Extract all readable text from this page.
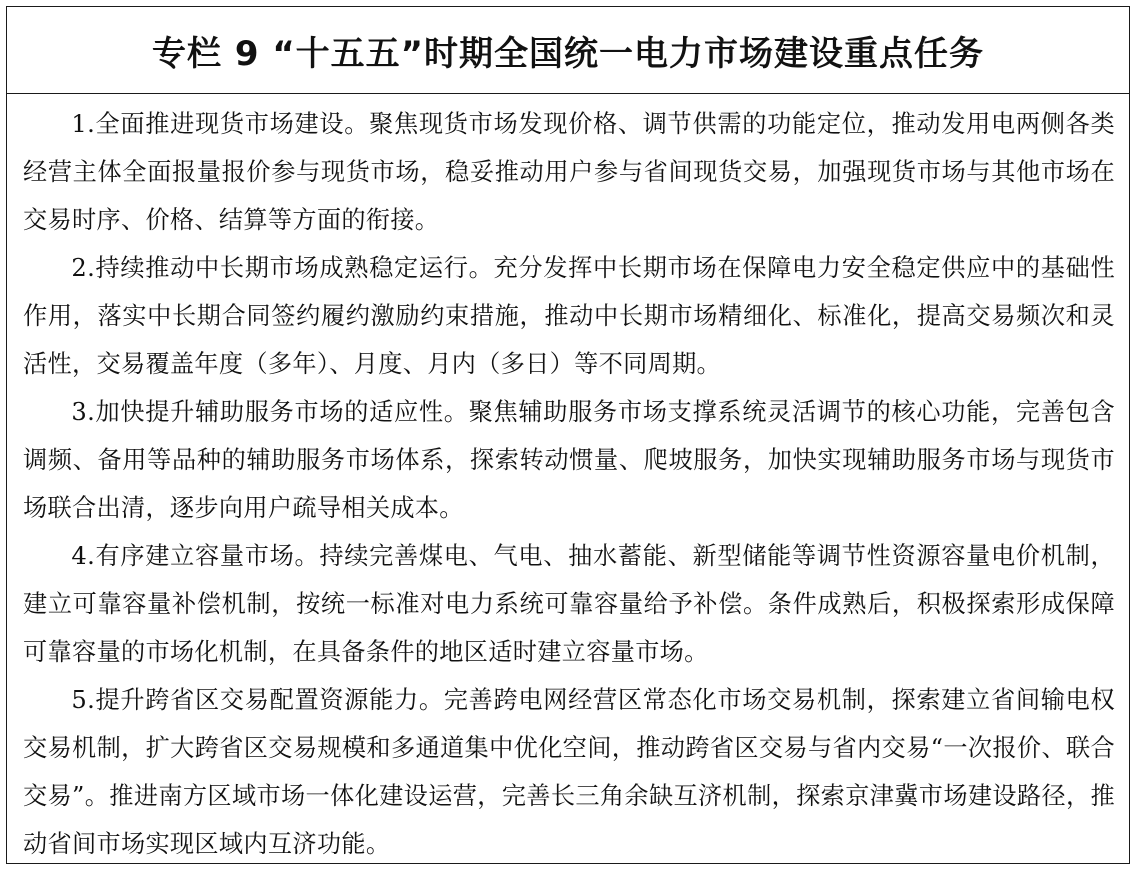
专栏 9 “十五五”时期全国统一电力市场建设重点任务

1.全面推进现货市场建设。聚焦现货市场发现价格、调节供需的功能定位，推动发用电两侧各类经营主体全面报量报价参与现货市场，稳妥推动用户参与省间现货交易，加强现货市场与其他市场在交易时序、价格、结算等方面的衔接。

2.持续推动中长期市场成熟稳定运行。充分发挥中长期市场在保障电力安全稳定供应中的基础性作用，落实中长期合同签约履约激励约束措施，推动中长期市场精细化、标准化，提高交易频次和灵活性，交易覆盖年度（多年）、月度、月内（多日）等不同周期。

3.加快提升辅助服务市场的适应性。聚焦辅助服务市场支撑系统灵活调节的核心功能，完善包含调频、备用等品种的辅助服务市场体系，探索转动惯量、爬坡服务，加快实现辅助服务市场与现货市场联合出清，逐步向用户疏导相关成本。

4.有序建立容量市场。持续完善煤电、气电、抽水蓄能、新型储能等调节性资源容量电价机制，建立可靠容量补偿机制，按统一标准对电力系统可靠容量给予补偿。条件成熟后，积极探索形成保障可靠容量的市场化机制，在具备条件的地区适时建立容量市场。

5.提升跨省区交易配置资源能力。完善跨电网经营区常态化市场交易机制，探索建立省间输电权交易机制，扩大跨省区交易规模和多通道集中优化空间，推动跨省区交易与省内交易“一次报价、联合交易”。推进南方区域市场一体化建设运营，完善长三角余缺互济机制，探索京津冀市场建设路径，推动省间市场实现区域内互济功能。
